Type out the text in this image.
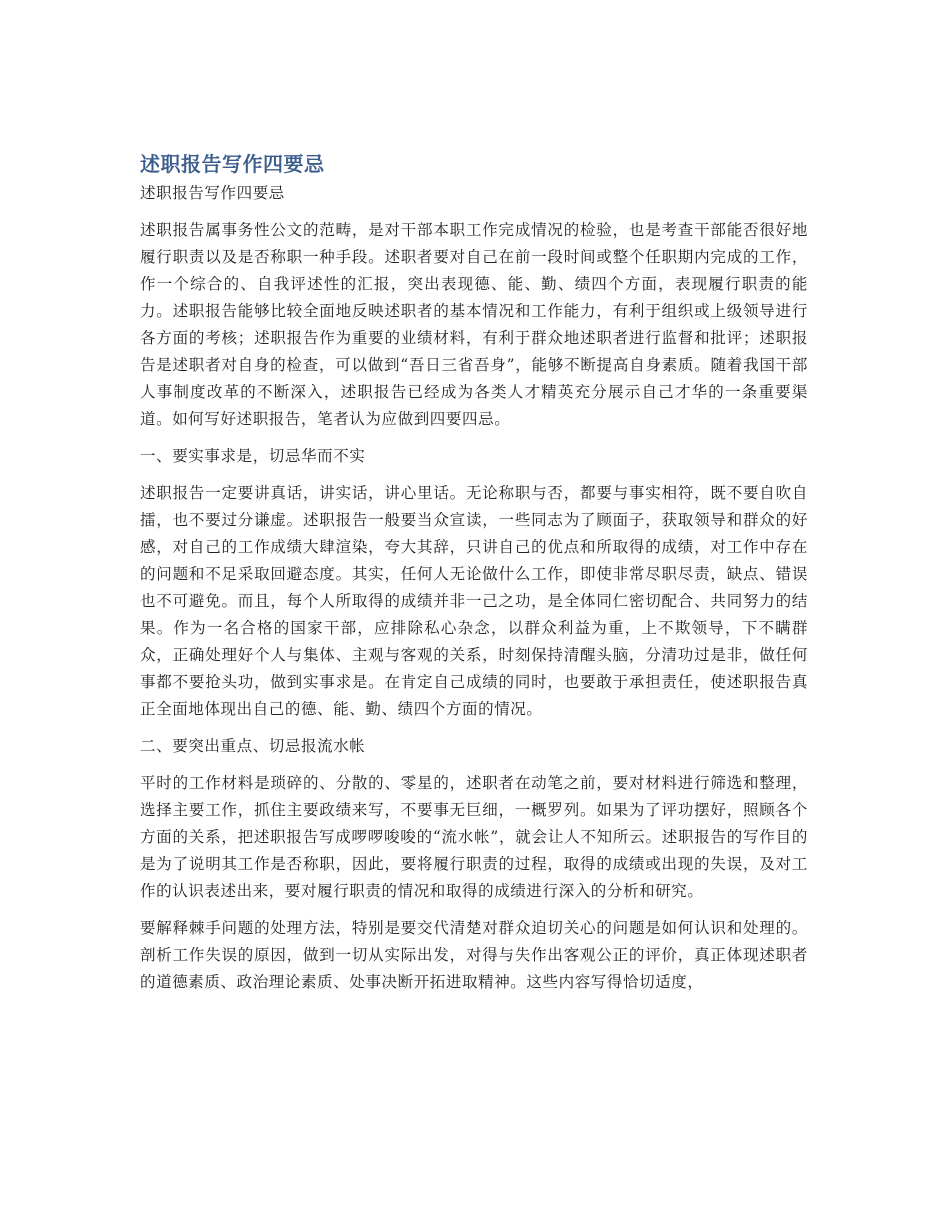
述职报告写作四要忌

述职报告写作四要忌

述职报告属事务性公文的范畴，是对干部本职工作完成情况的检验，也是考查干部能否很好地履行职责以及是否称职一种手段。述职者要对自己在前一段时间或整个任职期内完成的工作，作一个综合的、自我评述性的汇报，突出表现德、能、勤、绩四个方面，表现履行职责的能力。述职报告能够比较全面地反映述职者的基本情况和工作能力，有利于组织或上级领导进行各方面的考核；述职报告作为重要的业绩材料，有利于群众地述职者进行监督和批评；述职报告是述职者对自身的检查，可以做到“吾日三省吾身”，能够不断提高自身素质。随着我国干部人事制度改革的不断深入，述职报告已经成为各类人才精英充分展示自己才华的一条重要渠道。如何写好述职报告，笔者认为应做到四要四忌。

一、要实事求是，切忌华而不实

述职报告一定要讲真话，讲实话，讲心里话。无论称职与否，都要与事实相符，既不要自吹自擂，也不要过分谦虚。述职报告一般要当众宣读，一些同志为了顾面子，获取领导和群众的好感，对自己的工作成绩大肆渲染，夸大其辞，只讲自己的优点和所取得的成绩，对工作中存在的问题和不足采取回避态度。其实，任何人无论做什么工作，即使非常尽职尽责，缺点、错误也不可避免。而且，每个人所取得的成绩并非一己之功，是全体同仁密切配合、共同努力的结果。作为一名合格的国家干部，应排除私心杂念，以群众利益为重，上不欺领导，下不瞒群众，正确处理好个人与集体、主观与客观的关系，时刻保持清醒头脑，分清功过是非，做任何事都不要抢头功，做到实事求是。在肯定自己成绩的同时，也要敢于承担责任，使述职报告真正全面地体现出自己的德、能、勤、绩四个方面的情况。

二、要突出重点、切忌报流水帐

平时的工作材料是琐碎的、分散的、零星的，述职者在动笔之前，要对材料进行筛选和整理，选择主要工作，抓住主要政绩来写，不要事无巨细，一概罗列。如果为了评功摆好，照顾各个方面的关系，把述职报告写成啰啰唆唆的“流水帐”，就会让人不知所云。述职报告的写作目的是为了说明其工作是否称职，因此，要将履行职责的过程，取得的成绩或出现的失误，及对工作的认识表述出来，要对履行职责的情况和取得的成绩进行深入的分析和研究。

要解释棘手问题的处理方法，特别是要交代清楚对群众迫切关心的问题是如何认识和处理的。剖析工作失误的原因，做到一切从实际出发，对得与失作出客观公正的评价，真正体现述职者的道德素质、政治理论素质、处事决断开拓进取精神。这些内容写得恰切适度，
